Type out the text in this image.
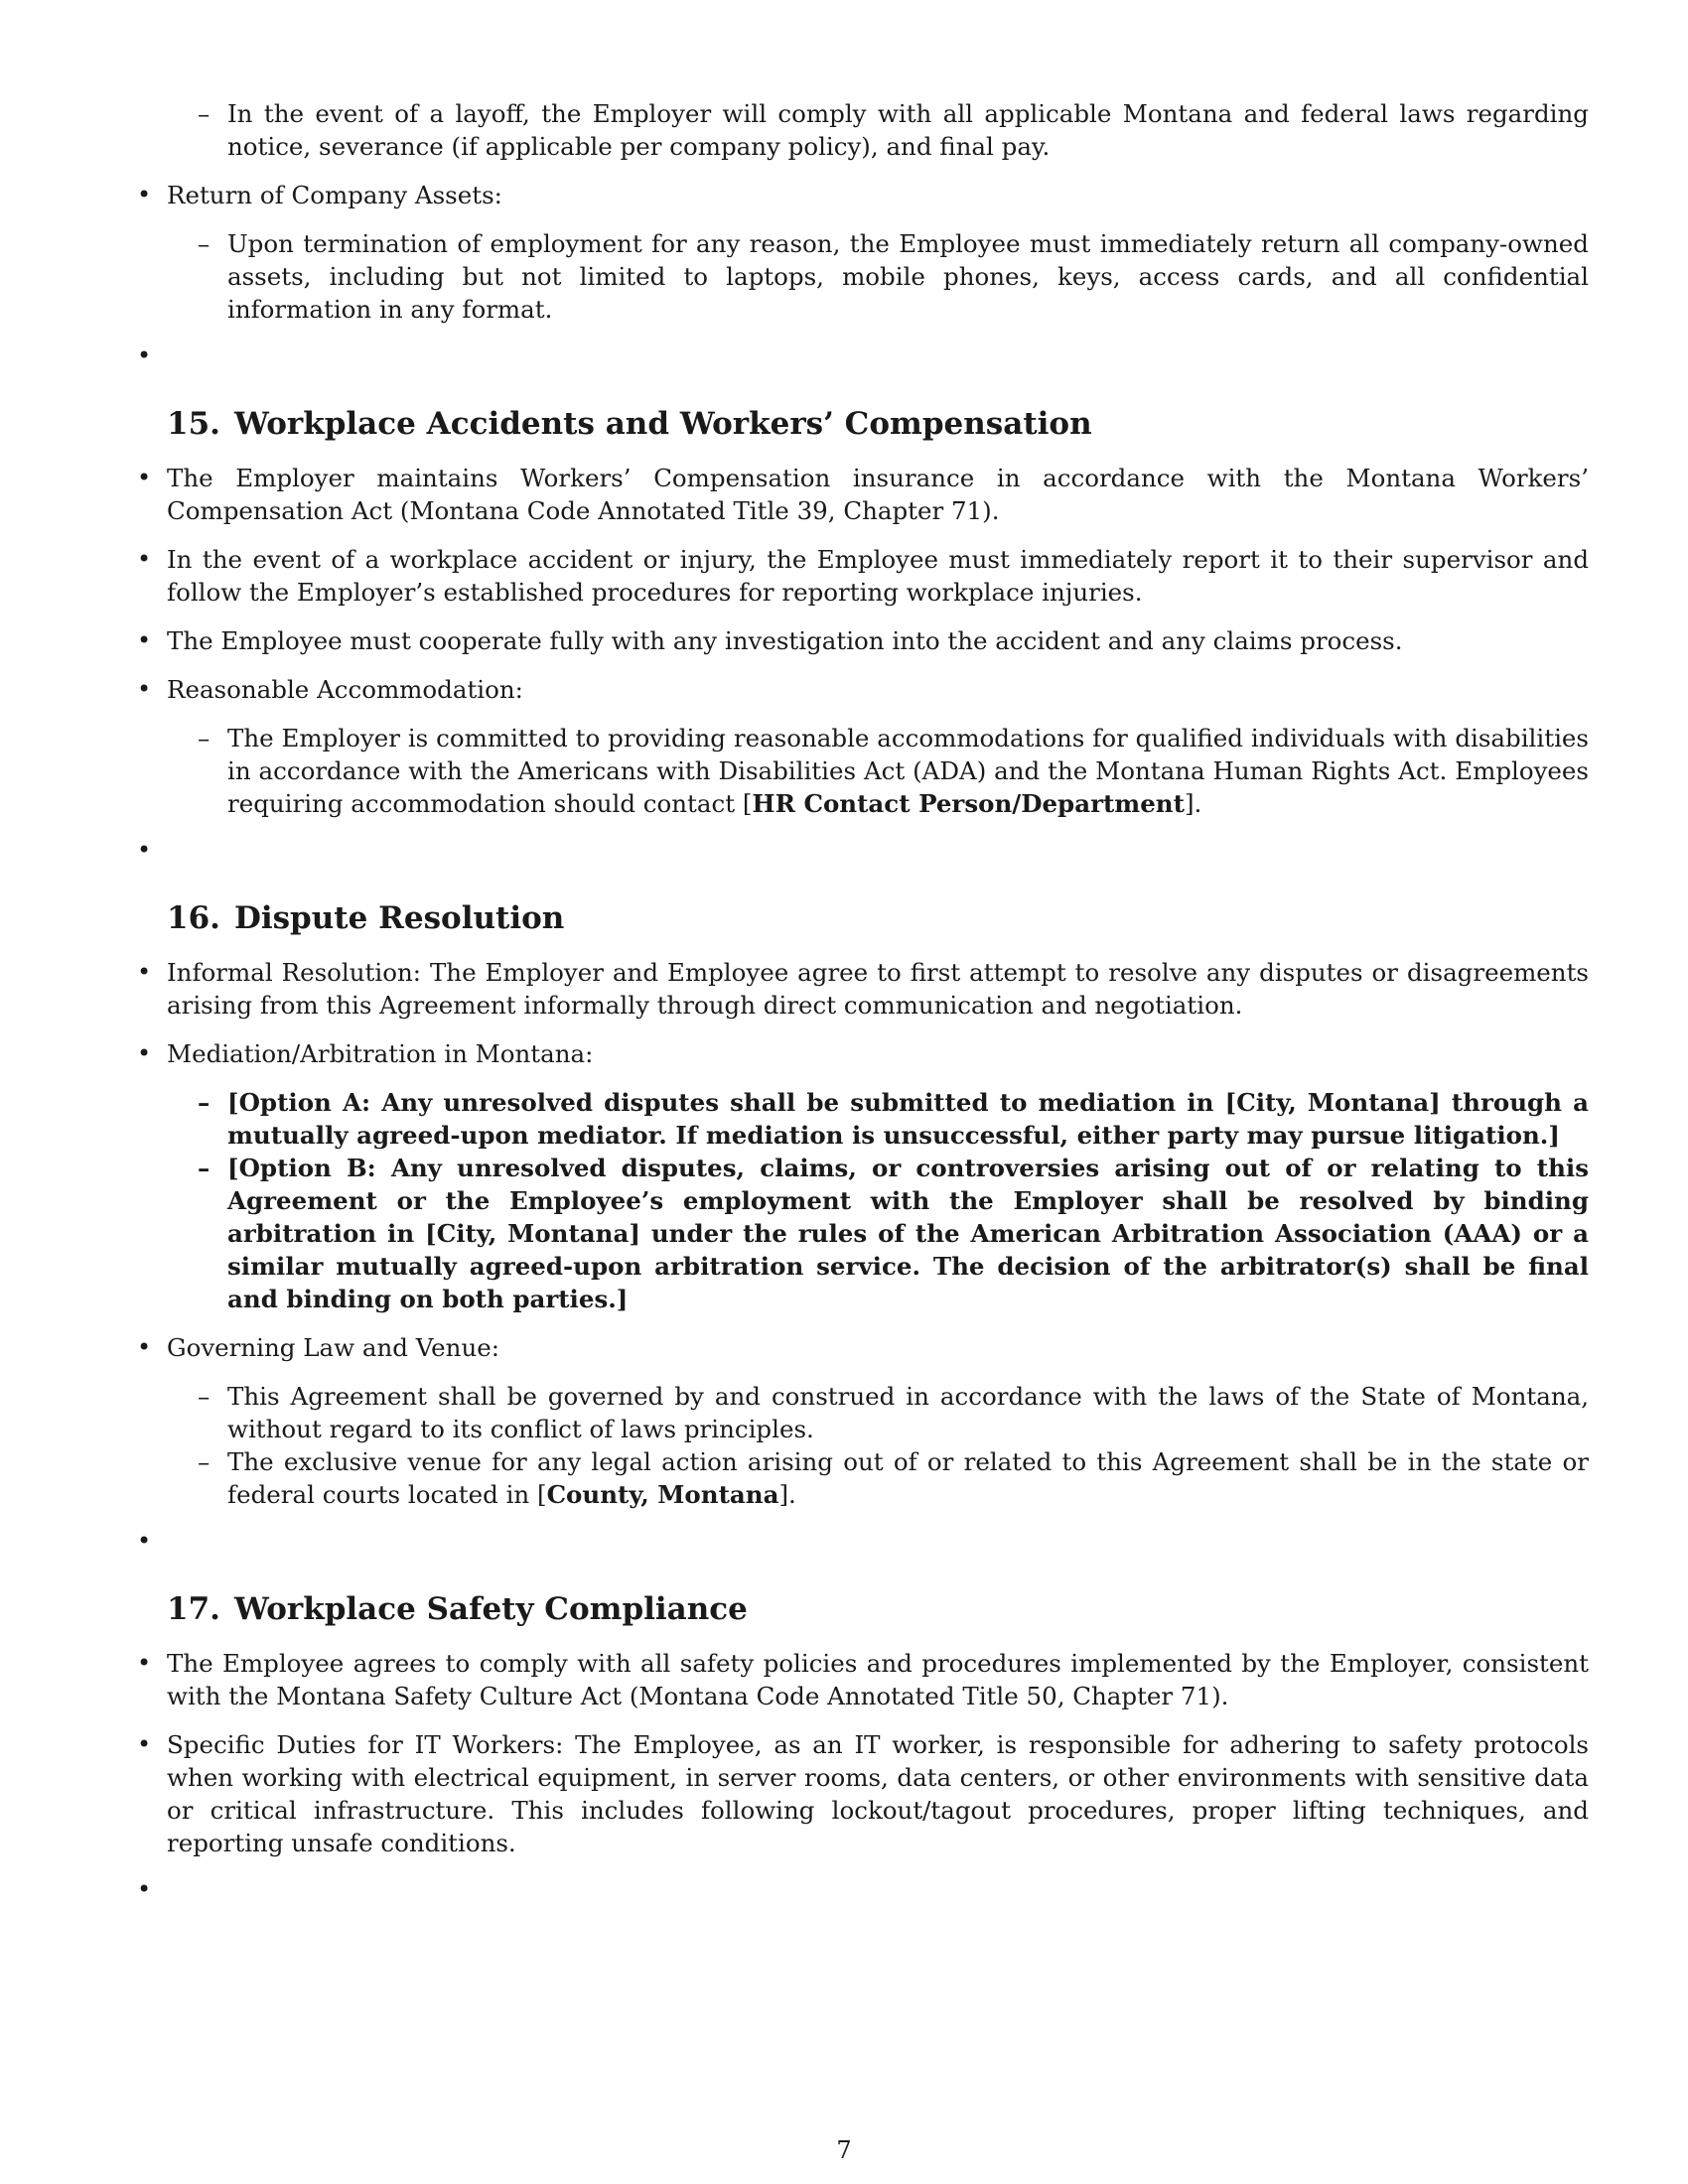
– In the event of a layoff, the Employer will comply with all applicable Montana and federal laws regarding notice, severance (if applicable per company policy), and final pay.
• Return of Company Assets:
– Upon termination of employment for any reason, the Employee must immediately return all company-owned assets, including but not limited to laptops, mobile phones, keys, access cards, and all confidential information in any format.
•
15. Workplace Accidents and Workers’ Compensation
• The Employer maintains Workers’ Compensation insurance in accordance with the Montana Workers’ Compensation Act (Montana Code Annotated Title 39, Chapter 71).
• In the event of a workplace accident or injury, the Employee must immediately report it to their supervisor and follow the Employer’s established procedures for reporting workplace injuries.
• The Employee must cooperate fully with any investigation into the accident and any claims process.
• Reasonable Accommodation:
– The Employer is committed to providing reasonable accommodations for qualified individuals with disabilities in accordance with the Americans with Disabilities Act (ADA) and the Montana Human Rights Act. Employees requiring accommodation should contact [HR Contact Person/Department].
•
16. Dispute Resolution
• Informal Resolution: The Employer and Employee agree to first attempt to resolve any disputes or disagreements arising from this Agreement informally through direct communication and negotiation.
• Mediation/Arbitration in Montana:
– [Option A: Any unresolved disputes shall be submitted to mediation in [City, Montana] through a mutually agreed-upon mediator. If mediation is unsuccessful, either party may pursue litigation.]
– [Option B: Any unresolved disputes, claims, or controversies arising out of or relating to this Agreement or the Employee’s employment with the Employer shall be resolved by binding arbitration in [City, Montana] under the rules of the American Arbitration Association (AAA) or a similar mutually agreed-upon arbitration service. The decision of the arbitrator(s) shall be final and binding on both parties.]
• Governing Law and Venue:
– This Agreement shall be governed by and construed in accordance with the laws of the State of Montana, without regard to its conflict of laws principles.
– The exclusive venue for any legal action arising out of or related to this Agreement shall be in the state or federal courts located in [County, Montana].
•
17. Workplace Safety Compliance
• The Employee agrees to comply with all safety policies and procedures implemented by the Employer, consistent with the Montana Safety Culture Act (Montana Code Annotated Title 50, Chapter 71).
• Specific Duties for IT Workers: The Employee, as an IT worker, is responsible for adhering to safety protocols when working with electrical equipment, in server rooms, data centers, or other environments with sensitive data or critical infrastructure. This includes following lockout/tagout procedures, proper lifting techniques, and reporting unsafe conditions.
•
7
